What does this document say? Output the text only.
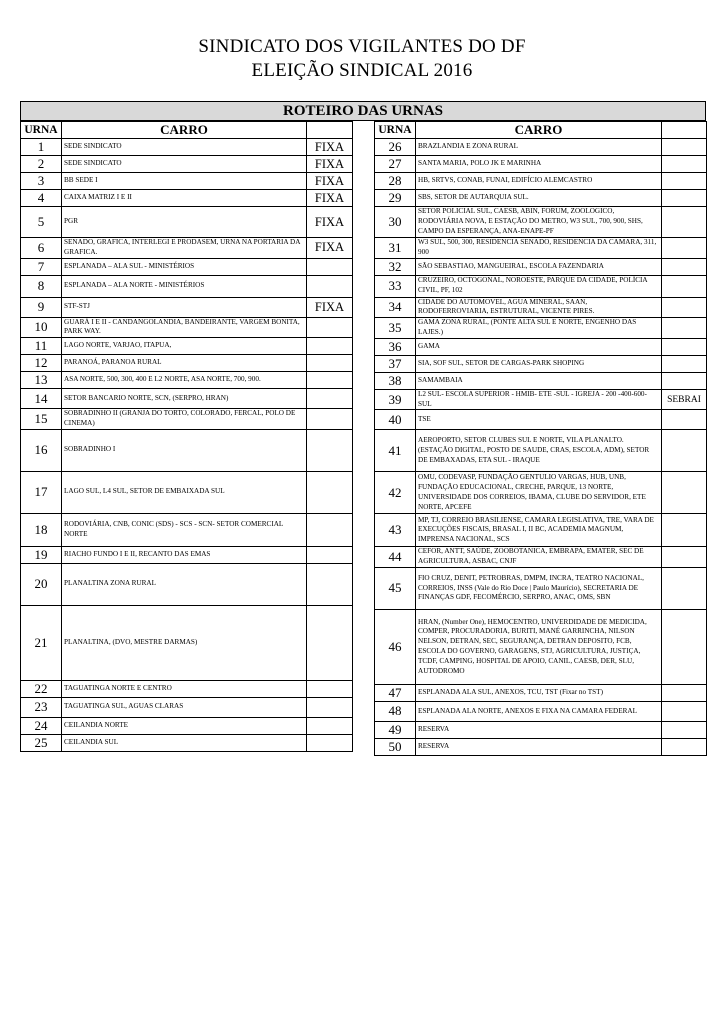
SINDICATO DOS VIGILANTES DO DF
ELEIÇÃO SINDICAL 2016
ROTEIRO DAS URNAS
URNA	CARRO	
1	SEDE SINDICATO	FIXA
2	SEDE SINDICATO	FIXA
3	BB SEDE I	FIXA
4	CAIXA MATRIZ I E II	FIXA
5	PGR	FIXA
6	SENADO, GRAFICA, INTERLEGI E PRODASEM, URNA NA PORTARIA DA GRAFICA.	FIXA
7	ESPLANADA – ALA SUL - MINISTÉRIOS	
8	ESPLANADA – ALA NORTE - MINISTÉRIOS	
9	STF-STJ	FIXA
10	GUARÁ I E II - CANDANGOLANDIA, BANDEIRANTE, VARGEM BONITA, PARK WAY.	
11	LAGO NORTE, VARJAO, ITAPUA,	
12	PARANOÁ, PARANOA RURAL	
13	ASA NORTE, 500, 300, 400 E L2 NORTE, ASA NORTE, 700, 900.	
14	SETOR BANCARIO NORTE, SCN, (SERPRO, HRAN)	
15	SOBRADINHO II (GRANJA DO TORTO, COLORADO, FERCAL, POLO DE CINEMA)	
16	SOBRADINHO I	
17	LAGO SUL, L4 SUL, SETOR DE EMBAIXADA SUL	
18	RODOVIÁRIA, CNB, CONIC (SDS) - SCS - SCN- SETOR COMERCIAL NORTE	
19	RIACHO FUNDO I E II, RECANTO DAS EMAS	
20	PLANALTINA ZONA RURAL	
21	PLANALTINA, (DVO, MESTRE DARMAS)	
22	TAGUATINGA NORTE E CENTRO	
23	TAGUATINGA SUL, AGUAS CLARAS	
24	CEILANDIA NORTE	
25	CEILANDIA SUL	
URNA	CARRO	
26	BRAZLANDIA E ZONA RURAL	
27	SANTA MARIA, POLO JK E MARINHA	
28	HB, SRTVS, CONAB, FUNAI, EDIFÍCIO ALEMCASTRO	
29	SBS, SETOR DE AUTARQUIA SUL.	
30	SETOR POLICIAL SUL, CAESB, ABIN, FORUM, ZOOLOGICO, RODOVIÁRIA NOVA, E ESTAÇÃO DO METRO, W3 SUL, 700, 900, SHS, CAMPO DA ESPERANÇA, ANA-ENAPE-PF	
31	W3 SUL, 500, 300, RESIDENCIA SENADO, RESIDENCIA DA CAMARA, 311, 900	
32	SÃO SEBASTIAO, MANGUEIRAL, ESCOLA FAZENDARIA	
33	CRUZEIRO, OCTOGONAL, NOROESTE, PARQUE DA CIDADE, POLÍCIA CIVIL, PF, 102	
34	CIDADE DO AUTOMOVEL, AGUA MINERAL, SAAN, RODOFERROVIARIA, ESTRUTURAL, VICENTE PIRES.	
35	GAMA ZONA RURAL, (PONTE ALTA SUL E NORTE, ENGENHO DAS LAJES.)	
36	GAMA	
37	SIA, SOF SUL, SETOR DE CARGAS-PARK SHOPING	
38	SAMAMBAIA	
39	L2 SUL- ESCOLA SUPERIOR - HMIB- ETE -SUL - IGREJA - 200 -400-600-SUL	SEBRAI
40	TSE	
41	AEROPORTO, SETOR CLUBES SUL E NORTE, VILA PLANALTO. (ESTAÇÃO DIGITAL, POSTO DE SAUDE, CRAS, ESCOLA, ADM), SETOR DE EMBAXADAS, ETA SUL - IRAQUE	
42	OMU, CODEVASP, FUNDAÇÃO GENTULIO VARGAS, HUB, UNB, FUNDAÇÃO EDUCACIONAL, CRECHE, PARQUE, 13 NORTE, UNIVERSIDADE DOS CORREIOS, IBAMA, CLUBE DO SERVIDOR, ETE NORTE, APCEFE	
43	MP, TJ, CORREIO BRASILIENSE, CAMARA LEGISLATIVA, TRE, VARA DE EXECUÇÕES FISCAIS, BRASAL I, II BC, ACADEMIA MAGNUM, IMPRENSA NACIONAL, SCS	
44	CEFOR, ANTT, SAÚDE, ZOOBOTANICA, EMBRAPA, EMATER, SEC DE AGRICULTURA, ASBAC, CNJF	
45	FIO CRUZ, DENIT, PETROBRAS, DMPM, INCRA, TEATRO NACIONAL, CORREIOS, INSS (Vale do Rio Doce | Paulo Maurício), SECRETARIA DE FINANÇAS GDF, FECOMÉRCIO, SERPRO, ANAC, OMS, SBN	
46	HRAN, (Number One), HEMOCENTRO, UNIVERDIDADE DE MEDICIDA, COMPER, PROCURADORIA, BURITI, MANÉ GARRINCHA, NILSON NELSON, DETRAN, SEC, SEGURANÇA, DETRAN DEPOSITO, FCB, ESCOLA DO GOVERNO, GARAGENS, STJ, AGRICULTURA, JUSTIÇA, TCDF, CAMPING, HOSPITAL DE APOIO, CANIL, CAESB, DER, SLU, AUTODROMO	
47	ESPLANADA ALA SUL, ANEXOS, TCU, TST (Fixar no TST)	
48	ESPLANADA ALA NORTE, ANEXOS E FIXA NA CAMARA FEDERAL	
49	RESERVA	
50	RESERVA	
